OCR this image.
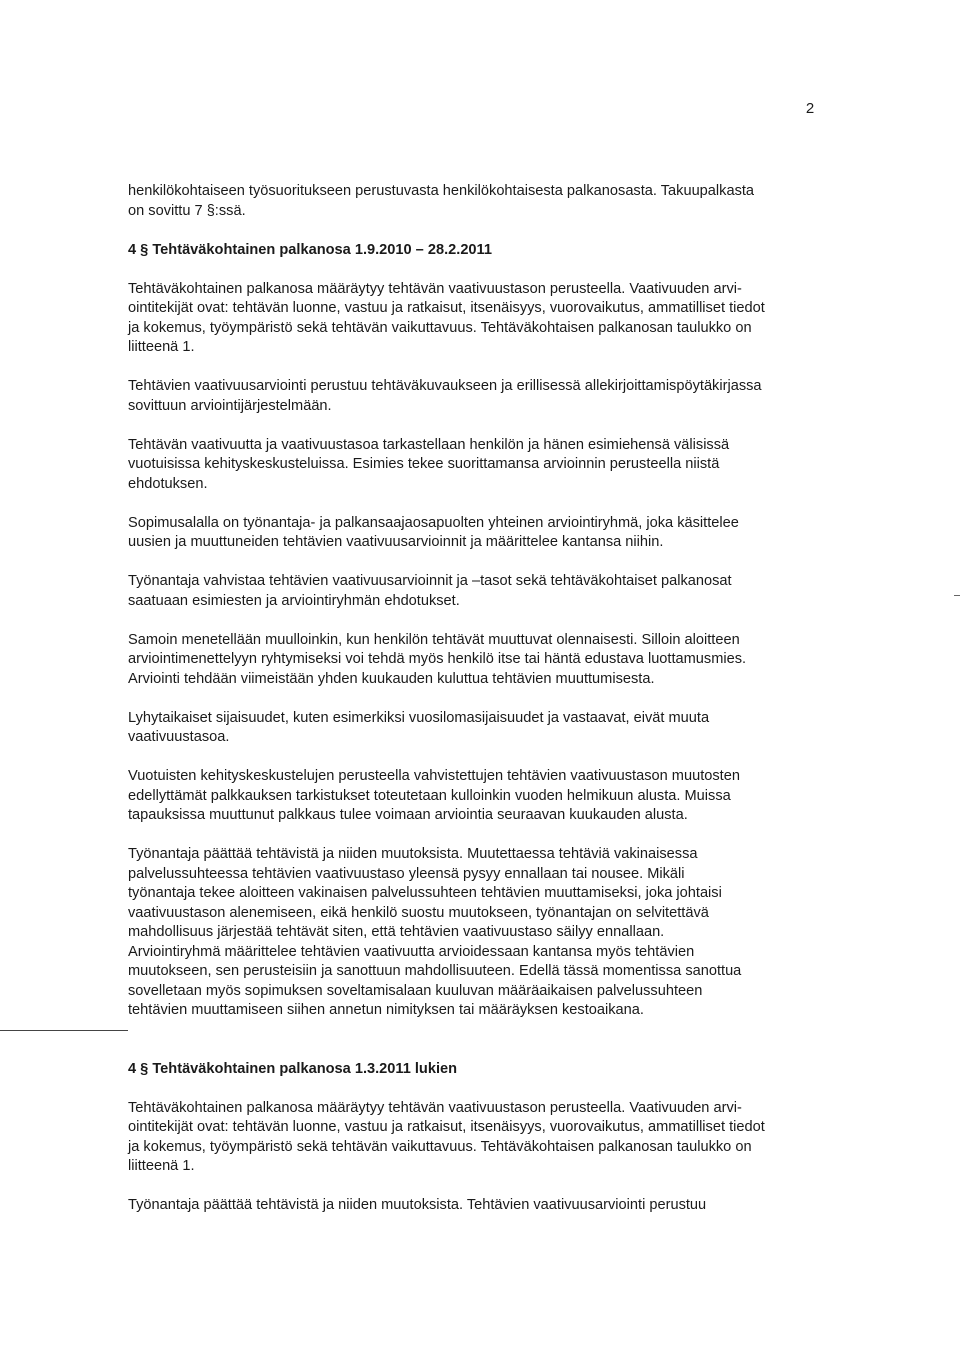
2

henkilökohtaiseen työsuoritukseen perustuvasta henkilökohtaisesta palkanosasta. Takuupalkasta
on sovittu 7 §:ssä.

4 § Tehtäväkohtainen palkanosa 1.9.2010 – 28.2.2011

Tehtäväkohtainen palkanosa määräytyy tehtävän vaativuustason perusteella. Vaativuuden arvi-
ointitekijät ovat: tehtävän luonne, vastuu ja ratkaisut, itsenäisyys, vuorovaikutus, ammatilliset tiedot
ja kokemus, työympäristö sekä tehtävän vaikuttavuus. Tehtäväkohtaisen palkanosan taulukko on
liitteenä 1.

Tehtävien vaativuusarviointi perustuu tehtäväkuvaukseen ja erillisessä allekirjoittamispöytäkirjassa
sovittuun arviointijärjestelmään.

Tehtävän vaativuutta ja vaativuustasoa tarkastellaan henkilön ja hänen esimiehensä välisissä
vuotuisissa kehityskeskusteluissa. Esimies tekee suorittamansa arvioinnin perusteella niistä
ehdotuksen.

Sopimusalalla on työnantaja- ja palkansaajaosapuolten yhteinen arviointiryhmä, joka käsittelee
uusien ja muuttuneiden tehtävien vaativuusarvioinnit ja määrittelee kantansa niihin.

Työnantaja vahvistaa tehtävien vaativuusarvioinnit ja –tasot sekä tehtäväkohtaiset palkanosat
saatuaan esimiesten ja arviointiryhmän ehdotukset.

Samoin menetellään muulloinkin, kun henkilön tehtävät muuttuvat olennaisesti. Silloin aloitteen
arviointimenettelyyn ryhtymiseksi voi tehdä myös henkilö itse tai häntä edustava luottamusmies.
Arviointi tehdään viimeistään yhden kuukauden kuluttua tehtävien muuttumisesta.

Lyhytaikaiset sijaisuudet, kuten esimerkiksi vuosilomasijaisuudet ja vastaavat, eivät muuta
vaativuustasoa.

Vuotuisten kehityskeskustelujen perusteella vahvistettujen tehtävien vaativuustason muutosten
edellyttämät palkkauksen tarkistukset toteutetaan kulloinkin vuoden helmikuun alusta. Muissa
tapauksissa muuttunut palkkaus tulee voimaan arviointia seuraavan kuukauden alusta.

Työnantaja päättää tehtävistä ja niiden muutoksista. Muutettaessa tehtäviä vakinaisessa
palvelussuhteessa tehtävien vaativuustaso yleensä pysyy ennallaan tai nousee. Mikäli
työnantaja tekee aloitteen vakinaisen palvelussuhteen tehtävien muuttamiseksi, joka johtaisi
vaativuustason alenemiseen, eikä henkilö suostu muutokseen, työnantajan on selvitettävä
mahdollisuus järjestää tehtävät siten, että tehtävien vaativuustaso säilyy ennallaan.
Arviointiryhmä määrittelee tehtävien vaativuutta arvioidessaan kantansa myös tehtävien
muutokseen, sen perusteisiin ja sanottuun mahdollisuuteen. Edellä tässä momentissa sanottua
sovelletaan myös sopimuksen soveltamisalaan kuuluvan määräaikaisen palvelussuhteen
tehtävien muuttamiseen siihen annetun nimityksen tai määräyksen kestoaikana.

4 § Tehtäväkohtainen palkanosa 1.3.2011 lukien

Tehtäväkohtainen palkanosa määräytyy tehtävän vaativuustason perusteella. Vaativuuden arvi-
ointitekijät ovat: tehtävän luonne, vastuu ja ratkaisut, itsenäisyys, vuorovaikutus, ammatilliset tiedot
ja kokemus, työympäristö sekä tehtävän vaikuttavuus. Tehtäväkohtaisen palkanosan taulukko on
liitteenä 1.

Työnantaja päättää tehtävistä ja niiden muutoksista. Tehtävien vaativuusarviointi perustuu
